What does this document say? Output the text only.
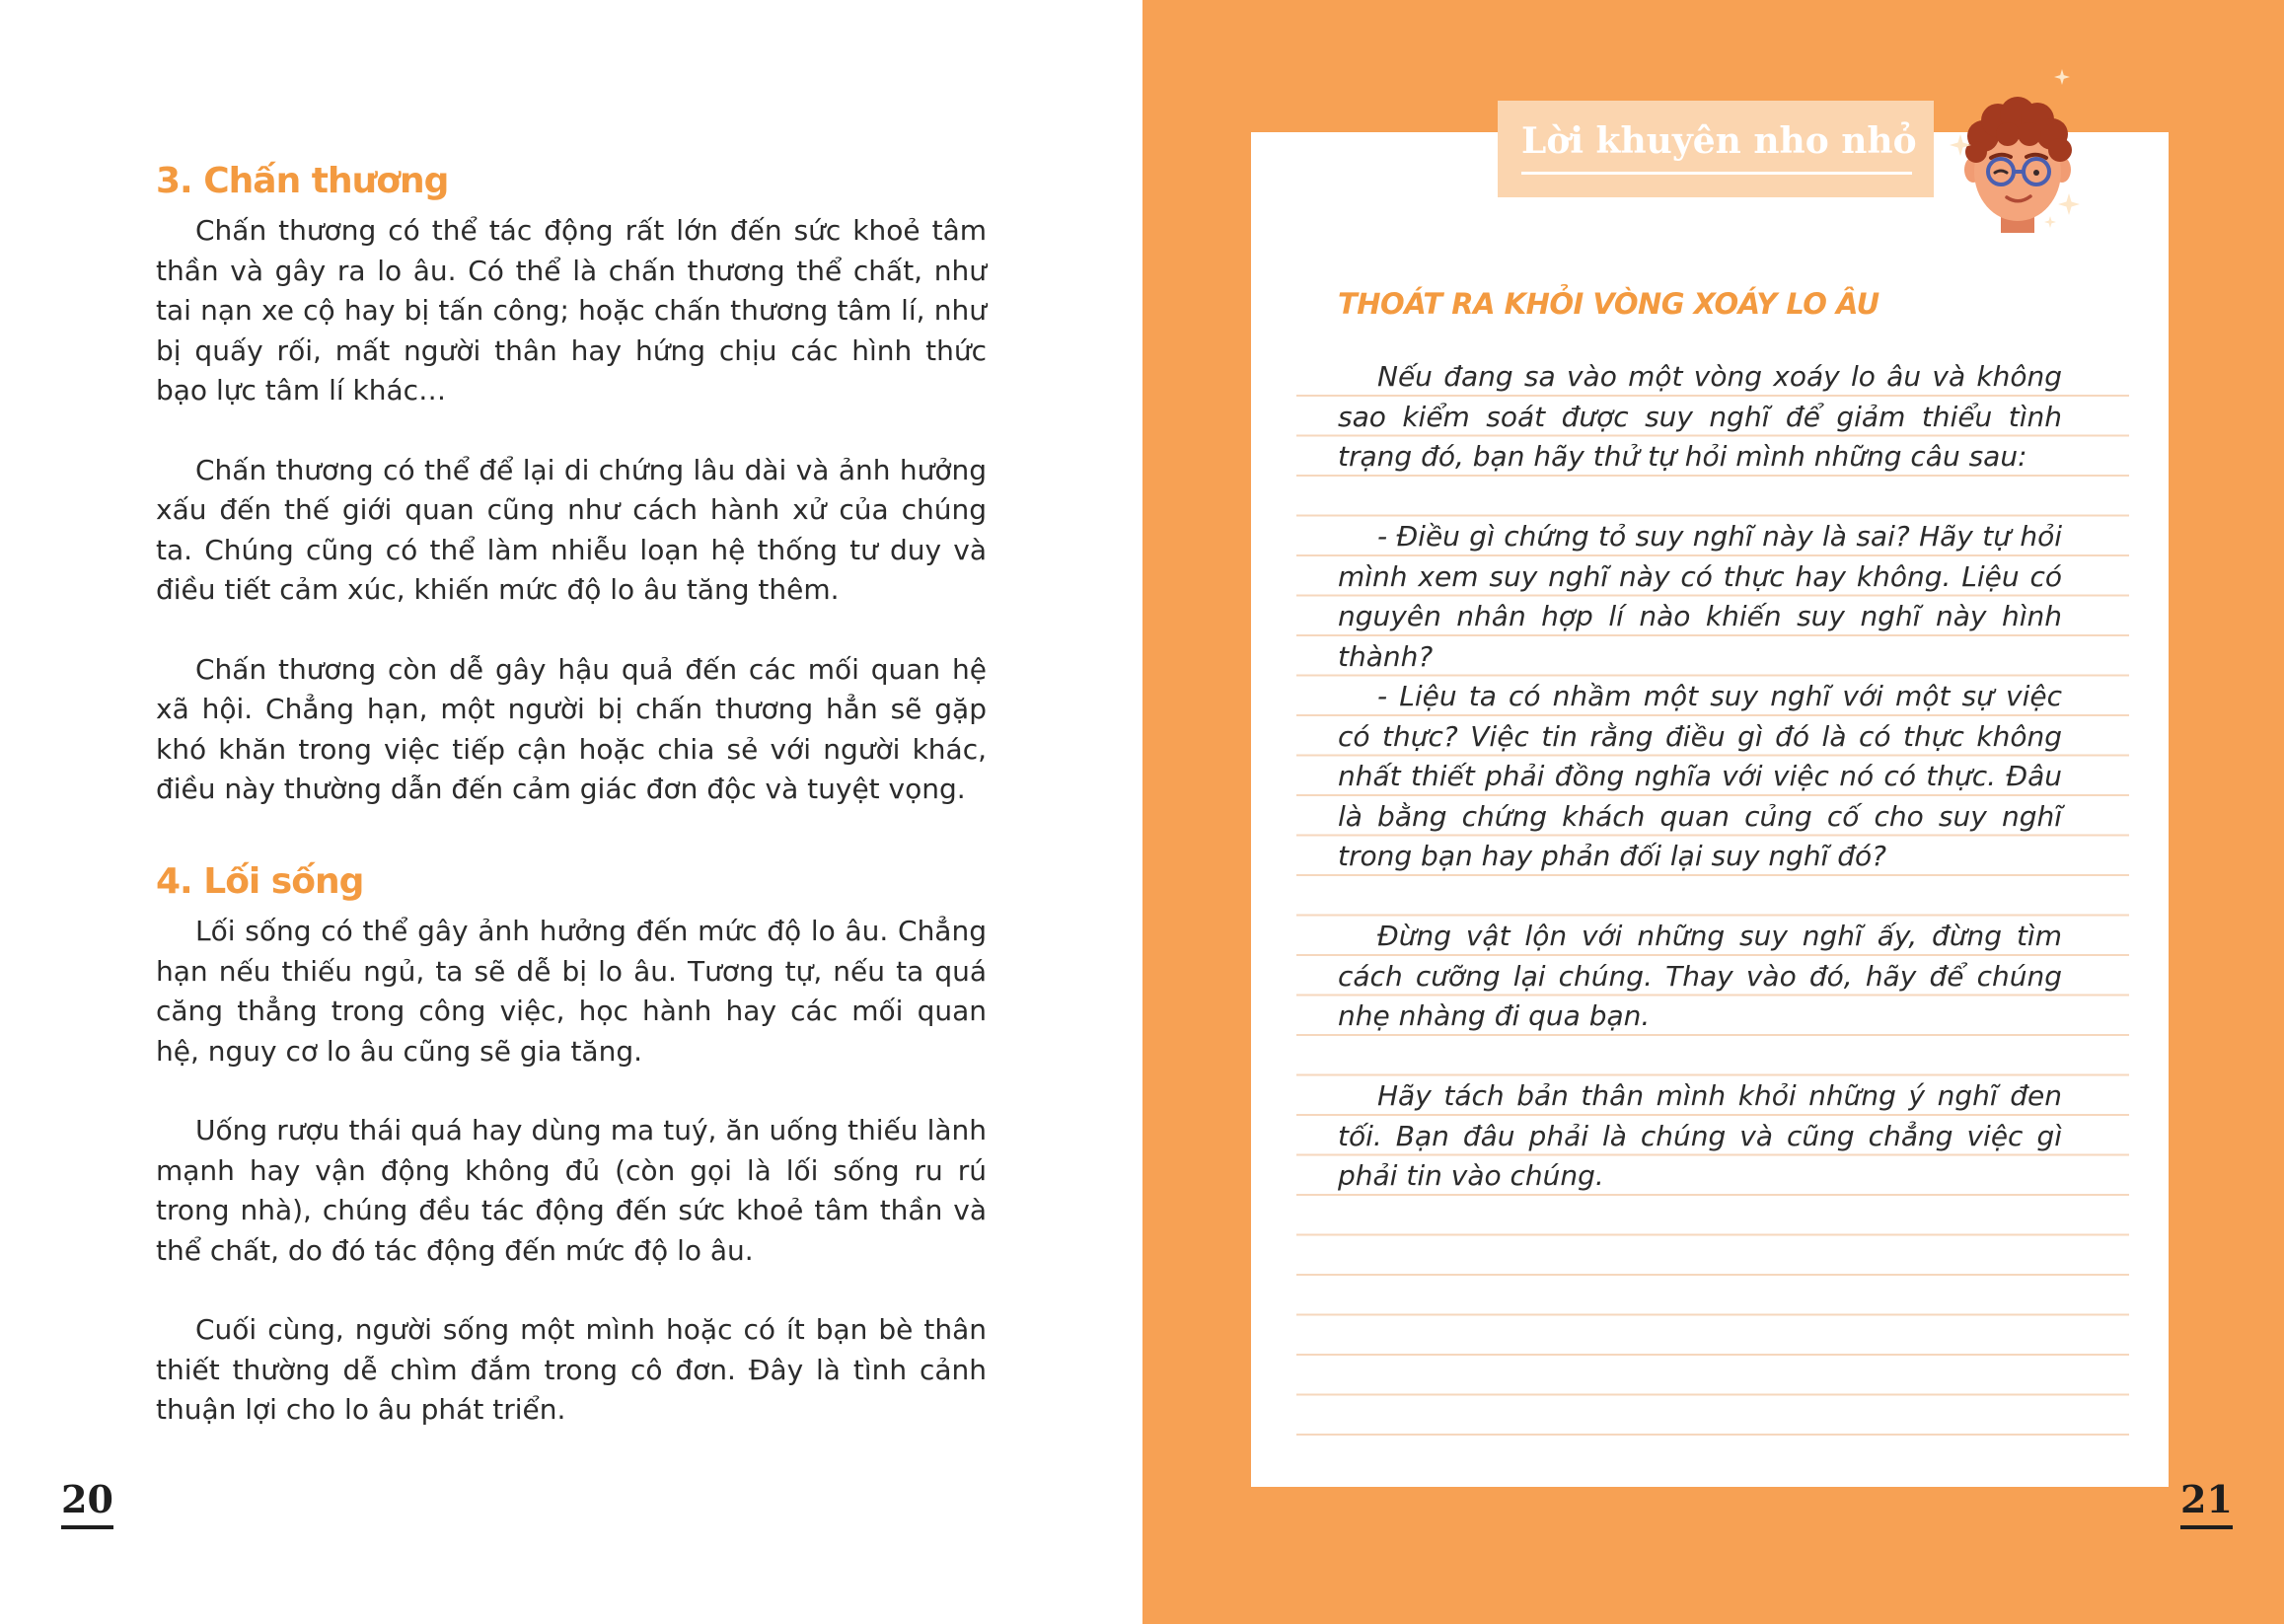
3. Chấn thương

Chấn thương có thể tác động rất lớn đến sức khoẻ tâm thần và gây ra lo âu. Có thể là chấn thương thể chất, như tai nạn xe cộ hay bị tấn công; hoặc chấn thương tâm lí, như bị quấy rối, mất người thân hay hứng chịu các hình thức bạo lực tâm lí khác…

Chấn thương có thể để lại di chứng lâu dài và ảnh hưởng xấu đến thế giới quan cũng như cách hành xử của chúng ta. Chúng cũng có thể làm nhiễu loạn hệ thống tư duy và điều tiết cảm xúc, khiến mức độ lo âu tăng thêm.

Chấn thương còn dễ gây hậu quả đến các mối quan hệ xã hội. Chẳng hạn, một người bị chấn thương hẳn sẽ gặp khó khăn trong việc tiếp cận hoặc chia sẻ với người khác, điều này thường dẫn đến cảm giác đơn độc và tuyệt vọng.

4. Lối sống

Lối sống có thể gây ảnh hưởng đến mức độ lo âu. Chẳng hạn nếu thiếu ngủ, ta sẽ dễ bị lo âu. Tương tự, nếu ta quá căng thẳng trong công việc, học hành hay các mối quan hệ, nguy cơ lo âu cũng sẽ gia tăng.

Uống rượu thái quá hay dùng ma tuý, ăn uống thiếu lành mạnh hay vận động không đủ (còn gọi là lối sống ru rú trong nhà), chúng đều tác động đến sức khoẻ tâm thần và thể chất, do đó tác động đến mức độ lo âu.

Cuối cùng, người sống một mình hoặc có ít bạn bè thân thiết thường dễ chìm đắm trong cô đơn. Đây là tình cảnh thuận lợi cho lo âu phát triển.

20
Lời khuyên nho nhỏ
THOÁT RA KHỎI VÒNG XOÁY LO ÂU

Nếu đang sa vào một vòng xoáy lo âu và không sao kiểm soát được suy nghĩ để giảm thiểu tình trạng đó, bạn hãy thử tự hỏi mình những câu sau:

- Điều gì chứng tỏ suy nghĩ này là sai? Hãy tự hỏi mình xem suy nghĩ này có thực hay không. Liệu có nguyên nhân hợp lí nào khiến suy nghĩ này hình thành?

- Liệu ta có nhầm một suy nghĩ với một sự việc có thực? Việc tin rằng điều gì đó là có thực không nhất thiết phải đồng nghĩa với việc nó có thực. Đâu là bằng chứng khách quan củng cố cho suy nghĩ trong bạn hay phản đối lại suy nghĩ đó?

Đừng vật lộn với những suy nghĩ ấy, đừng tìm cách cưỡng lại chúng. Thay vào đó, hãy để chúng nhẹ nhàng đi qua bạn.

Hãy tách bản thân mình khỏi những ý nghĩ đen tối. Bạn đâu phải là chúng và cũng chẳng việc gì phải tin vào chúng.

21
